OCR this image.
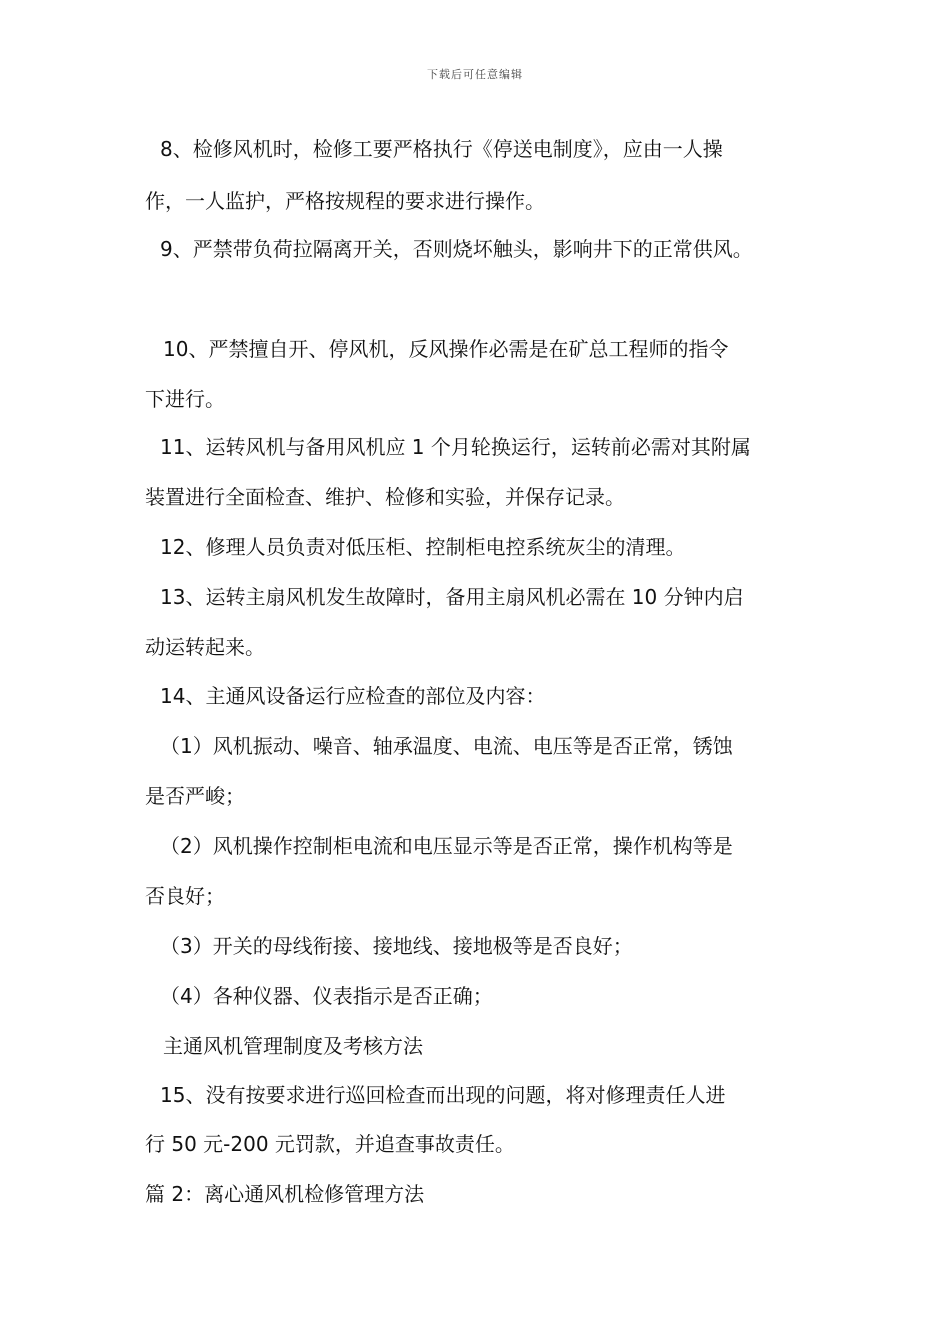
下载后可任意编辑
8、检修风机时，检修工要严格执行《停送电制度》，应由一人操
作，一人监护，严格按规程的要求进行操作。
9、严禁带负荷拉隔离开关，否则烧坏触头，影响井下的正常供风。
10、严禁擅自开、停风机，反风操作必需是在矿总工程师的指令
下进行。
11、运转风机与备用风机应 1 个月轮换运行，运转前必需对其附属
装置进行全面检查、维护、检修和实验，并保存记录。
12、修理人员负责对低压柜、控制柜电控系统灰尘的清理。
13、运转主扇风机发生故障时，备用主扇风机必需在 10 分钟内启
动运转起来。
14、主通风设备运行应检查的部位及内容：
（1）风机振动、噪音、轴承温度、电流、电压等是否正常，锈蚀
是否严峻；
（2）风机操作控制柜电流和电压显示等是否正常，操作机构等是
否良好；
（3）开关的母线衔接、接地线、接地极等是否良好；
（4）各种仪器、仪表指示是否正确；
主通风机管理制度及考核方法
15、没有按要求进行巡回检查而出现的问题，将对修理责任人进
行 50 元-200 元罚款，并追查事故责任。
篇 2：离心通风机检修管理方法
